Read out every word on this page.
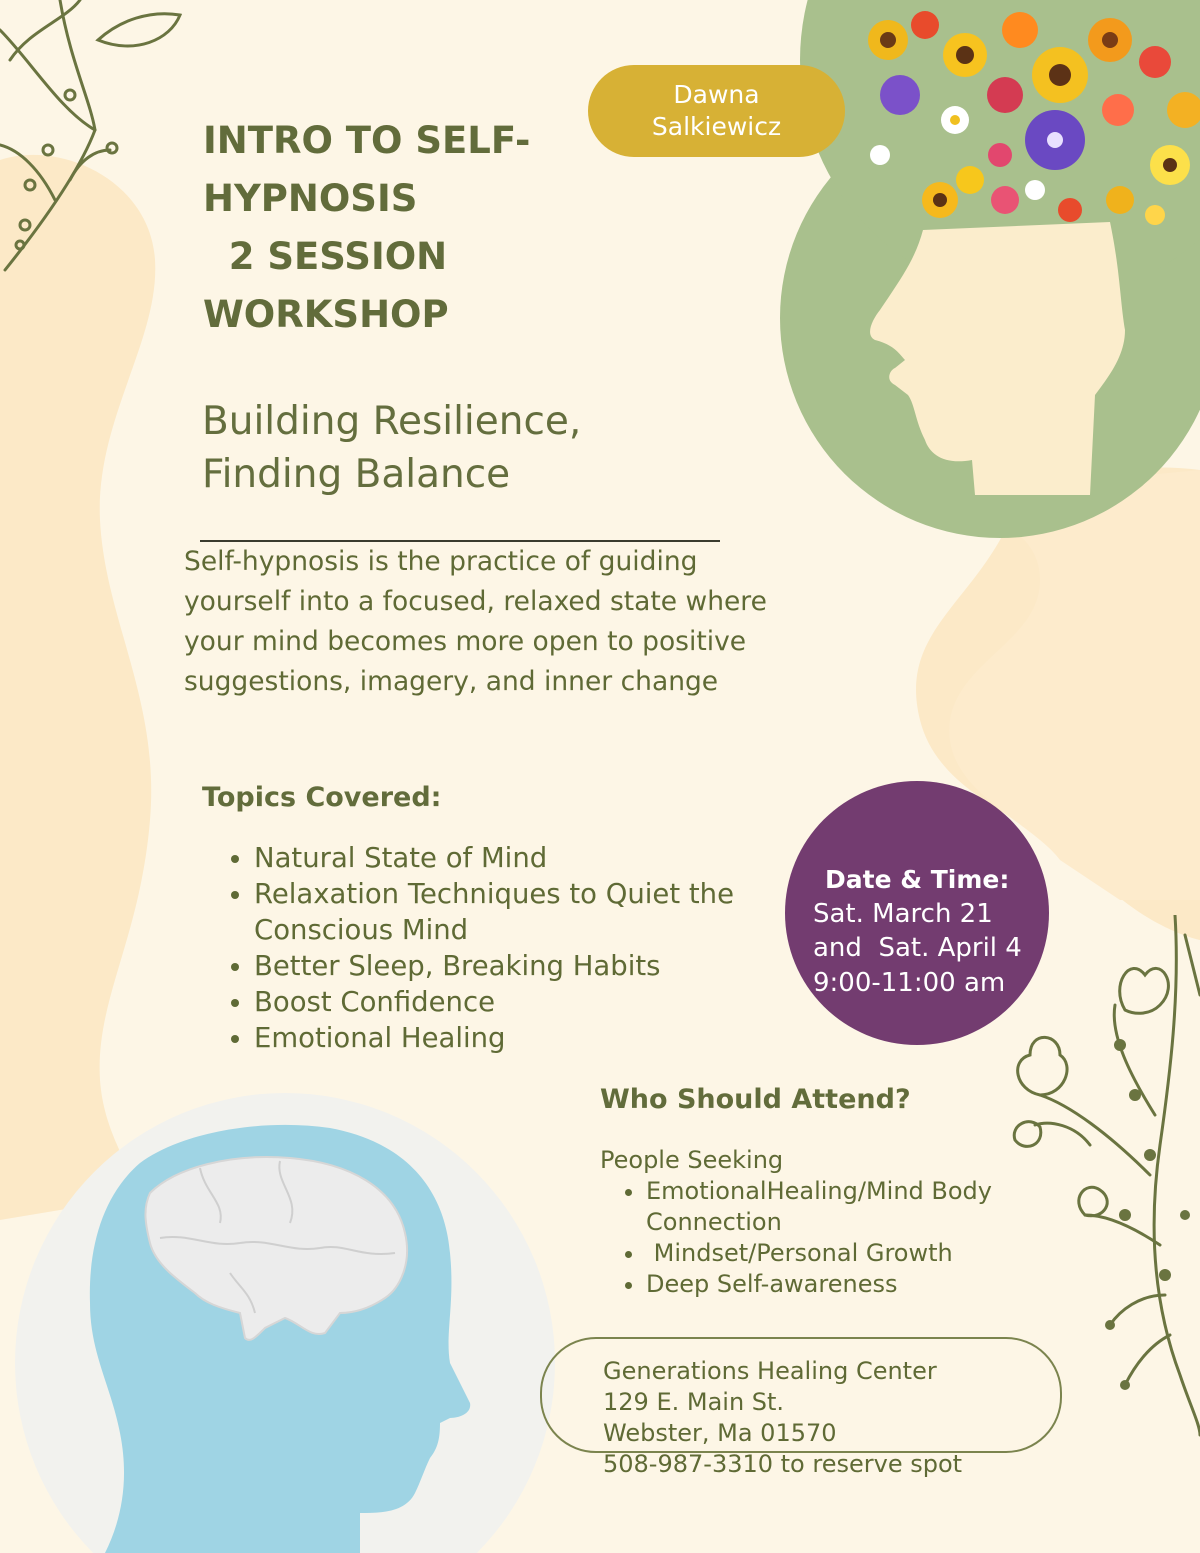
Dawna Salkiewicz
INTRO TO SELF-
HYPNOSIS
2 SESSION
WORKSHOP
Building Resilience,
Finding Balance
Self-hypnosis is the practice of guiding
yourself into a focused, relaxed state where
your mind becomes more open to positive
suggestions, imagery, and inner change
Topics Covered:
• Natural State of Mind
• Relaxation Techniques to Quiet the Conscious Mind
• Better Sleep, Breaking Habits
• Boost Confidence
• Emotional Healing
Date & Time:
Sat. March 21
and  Sat. April 4
9:00-11:00 am
Who Should Attend?
People Seeking
• EmotionalHealing/Mind Body Connection
•  Mindset/Personal Growth
• Deep Self-awareness
Generations Healing Center
129 E. Main St.
Webster, Ma 01570
508-987-3310 to reserve spot
